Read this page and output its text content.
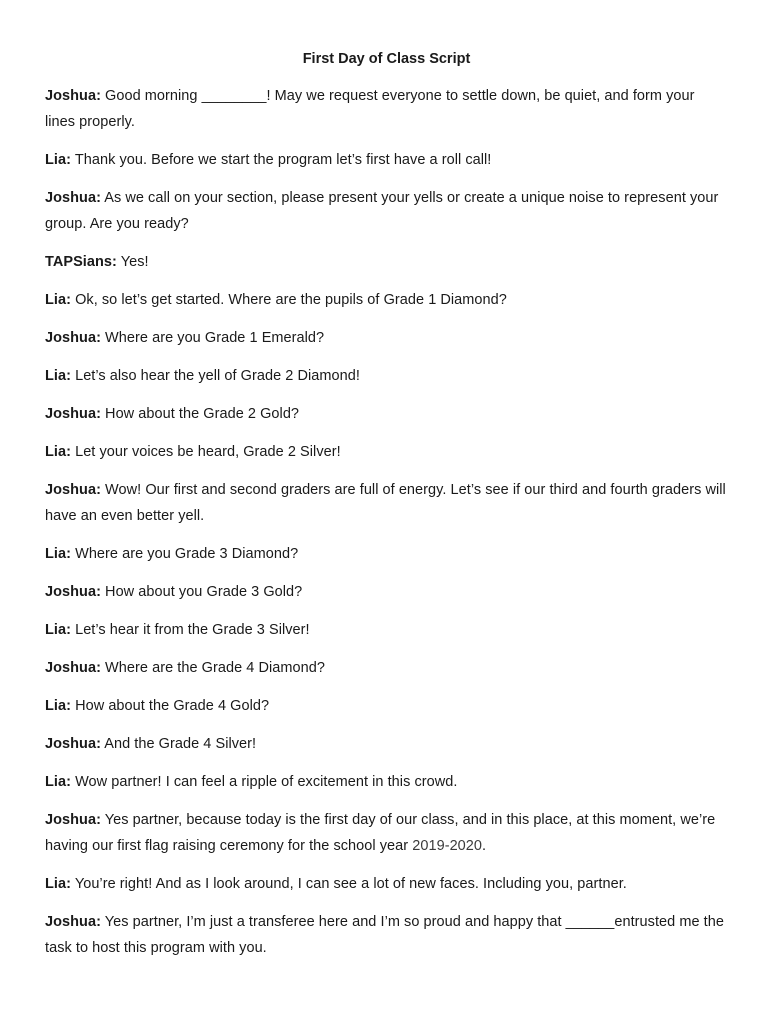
First Day of Class Script

Joshua: Good morning ________! May we request everyone to settle down, be quiet, and form your lines properly.

Lia: Thank you. Before we start the program let’s first have a roll call!

Joshua: As we call on your section, please present your yells or create a unique noise to represent your group. Are you ready?

TAPSians: Yes!

Lia: Ok, so let’s get started. Where are the pupils of Grade 1 Diamond?

Joshua: Where are you Grade 1 Emerald?

Lia: Let’s also hear the yell of Grade 2 Diamond!

Joshua: How about the Grade 2 Gold?

Lia: Let your voices be heard, Grade 2 Silver!

Joshua: Wow! Our first and second graders are full of energy. Let’s see if our third and fourth graders will have an even better yell.

Lia: Where are you Grade 3 Diamond?

Joshua: How about you Grade 3 Gold?

Lia: Let’s hear it from the Grade 3 Silver!

Joshua: Where are the Grade 4 Diamond?

Lia: How about the Grade 4 Gold?

Joshua: And the Grade 4 Silver!

Lia: Wow partner! I can feel a ripple of excitement in this crowd.

Joshua: Yes partner, because today is the first day of our class, and in this place, at this moment, we’re having our first flag raising ceremony for the school year 2019-2020.

Lia: You’re right! And as I look around, I can see a lot of new faces. Including you, partner.

Joshua: Yes partner, I’m just a transferee here and I’m so proud and happy that ______entrusted me the task to host this program with you.
